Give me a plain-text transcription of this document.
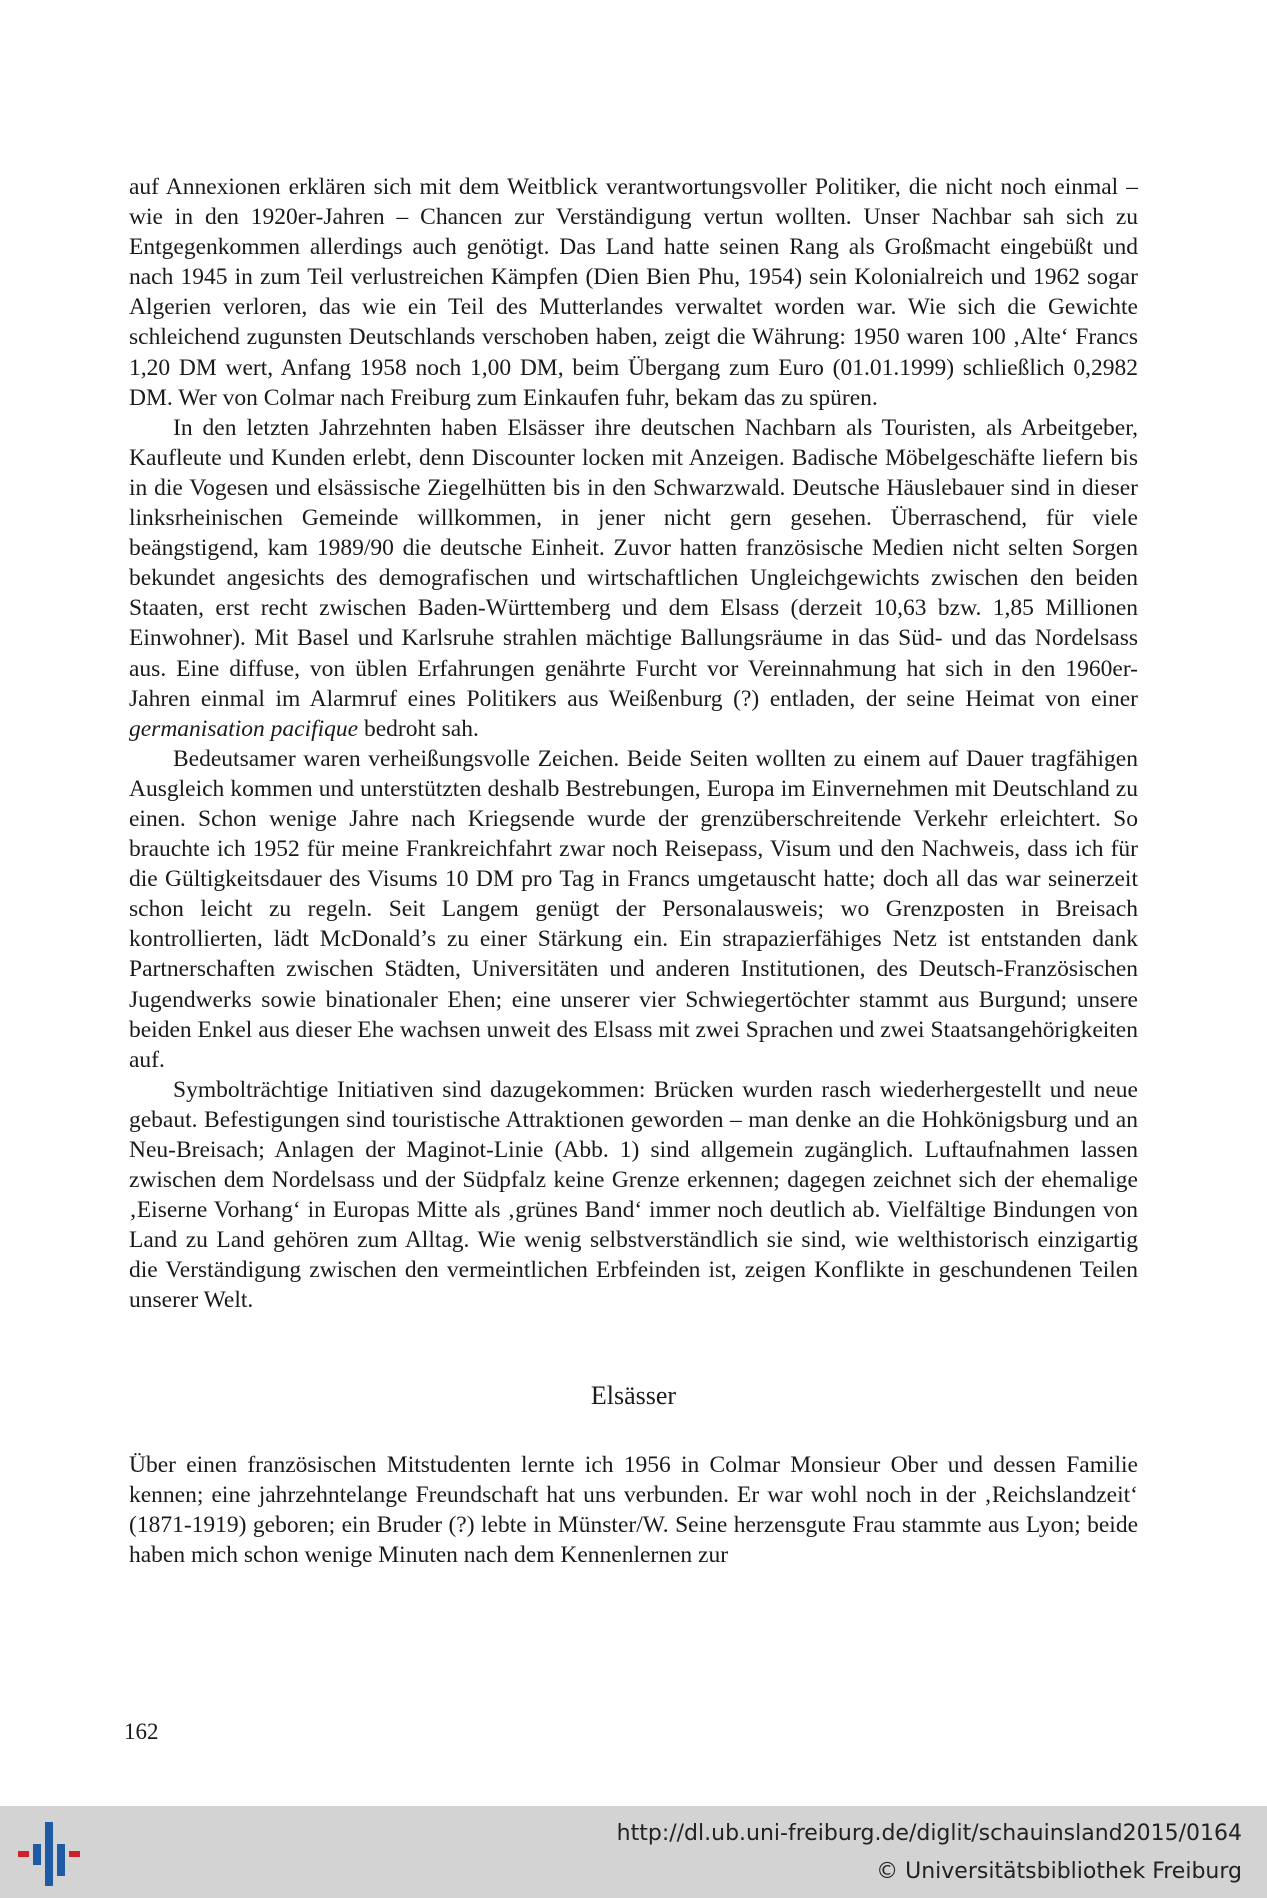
auf Annexionen erklären sich mit dem Weitblick verantwortungsvoller Politiker, die nicht noch einmal – wie in den 1920er-Jahren – Chancen zur Verständigung vertun wollten. Unser Nachbar sah sich zu Entgegenkommen allerdings auch genötigt. Das Land hatte seinen Rang als Großmacht eingebüßt und nach 1945 in zum Teil verlustreichen Kämpfen (Dien Bien Phu, 1954) sein Kolonialreich und 1962 sogar Algerien verloren, das wie ein Teil des Mutterlandes verwaltet worden war. Wie sich die Gewichte schleichend zugunsten Deutschlands verschoben haben, zeigt die Währung: 1950 waren 100 ‚Alte‘ Francs 1,20 DM wert, Anfang 1958 noch 1,00 DM, beim Übergang zum Euro (01.01.1999) schließlich 0,2982 DM. Wer von Colmar nach Freiburg zum Einkaufen fuhr, bekam das zu spüren.

In den letzten Jahrzehnten haben Elsässer ihre deutschen Nachbarn als Touristen, als Arbeitgeber, Kaufleute und Kunden erlebt, denn Discounter locken mit Anzeigen. Badische Möbelgeschäfte liefern bis in die Vogesen und elsässische Ziegelhütten bis in den Schwarzwald. Deutsche Häuslebauer sind in dieser linksrheinischen Gemeinde willkommen, in jener nicht gern gesehen. Überraschend, für viele beängstigend, kam 1989/90 die deutsche Einheit. Zuvor hatten französische Medien nicht selten Sorgen bekundet angesichts des demografischen und wirtschaftlichen Ungleichgewichts zwischen den beiden Staaten, erst recht zwischen Baden-Württemberg und dem Elsass (derzeit 10,63 bzw. 1,85 Millionen Einwohner). Mit Basel und Karlsruhe strahlen mächtige Ballungsräume in das Süd- und das Nordelsass aus. Eine diffuse, von üblen Erfahrungen genährte Furcht vor Vereinnahmung hat sich in den 1960er-Jahren einmal im Alarmruf eines Politikers aus Weißenburg (?) entladen, der seine Heimat von einer germanisation pacifique bedroht sah.

Bedeutsamer waren verheißungsvolle Zeichen. Beide Seiten wollten zu einem auf Dauer tragfähigen Ausgleich kommen und unterstützten deshalb Bestrebungen, Europa im Einvernehmen mit Deutschland zu einen. Schon wenige Jahre nach Kriegsende wurde der grenzüberschreitende Verkehr erleichtert. So brauchte ich 1952 für meine Frankreichfahrt zwar noch Reisepass, Visum und den Nachweis, dass ich für die Gültigkeitsdauer des Visums 10 DM pro Tag in Francs umgetauscht hatte; doch all das war seinerzeit schon leicht zu regeln. Seit Langem genügt der Personalausweis; wo Grenzposten in Breisach kontrollierten, lädt McDonald’s zu einer Stärkung ein. Ein strapazierfähiges Netz ist entstanden dank Partnerschaften zwischen Städten, Universitäten und anderen Institutionen, des Deutsch-Französischen Jugendwerks sowie binationaler Ehen; eine unserer vier Schwiegertöchter stammt aus Burgund; unsere beiden Enkel aus dieser Ehe wachsen unweit des Elsass mit zwei Sprachen und zwei Staatsangehörigkeiten auf.

Symbolträchtige Initiativen sind dazugekommen: Brücken wurden rasch wiederhergestellt und neue gebaut. Befestigungen sind touristische Attraktionen geworden – man denke an die Hohkönigsburg und an Neu-Breisach; Anlagen der Maginot-Linie (Abb. 1) sind allgemein zugänglich. Luftaufnahmen lassen zwischen dem Nordelsass und der Südpfalz keine Grenze erkennen; dagegen zeichnet sich der ehemalige ‚Eiserne Vorhang‘ in Europas Mitte als ‚grünes Band‘ immer noch deutlich ab. Vielfältige Bindungen von Land zu Land gehören zum Alltag. Wie wenig selbstverständlich sie sind, wie welthistorisch einzigartig die Verständigung zwischen den vermeintlichen Erbfeinden ist, zeigen Konflikte in geschundenen Teilen unserer Welt.

Elsässer

Über einen französischen Mitstudenten lernte ich 1956 in Colmar Monsieur Ober und dessen Familie kennen; eine jahrzehntelange Freundschaft hat uns verbunden. Er war wohl noch in der ‚Reichslandzeit‘ (1871-1919) geboren; ein Bruder (?) lebte in Münster/W. Seine herzensgute Frau stammte aus Lyon; beide haben mich schon wenige Minuten nach dem Kennenlernen zur

162
http://dl.ub.uni-freiburg.de/diglit/schauinsland2015/0164
© Universitätsbibliothek Freiburg
